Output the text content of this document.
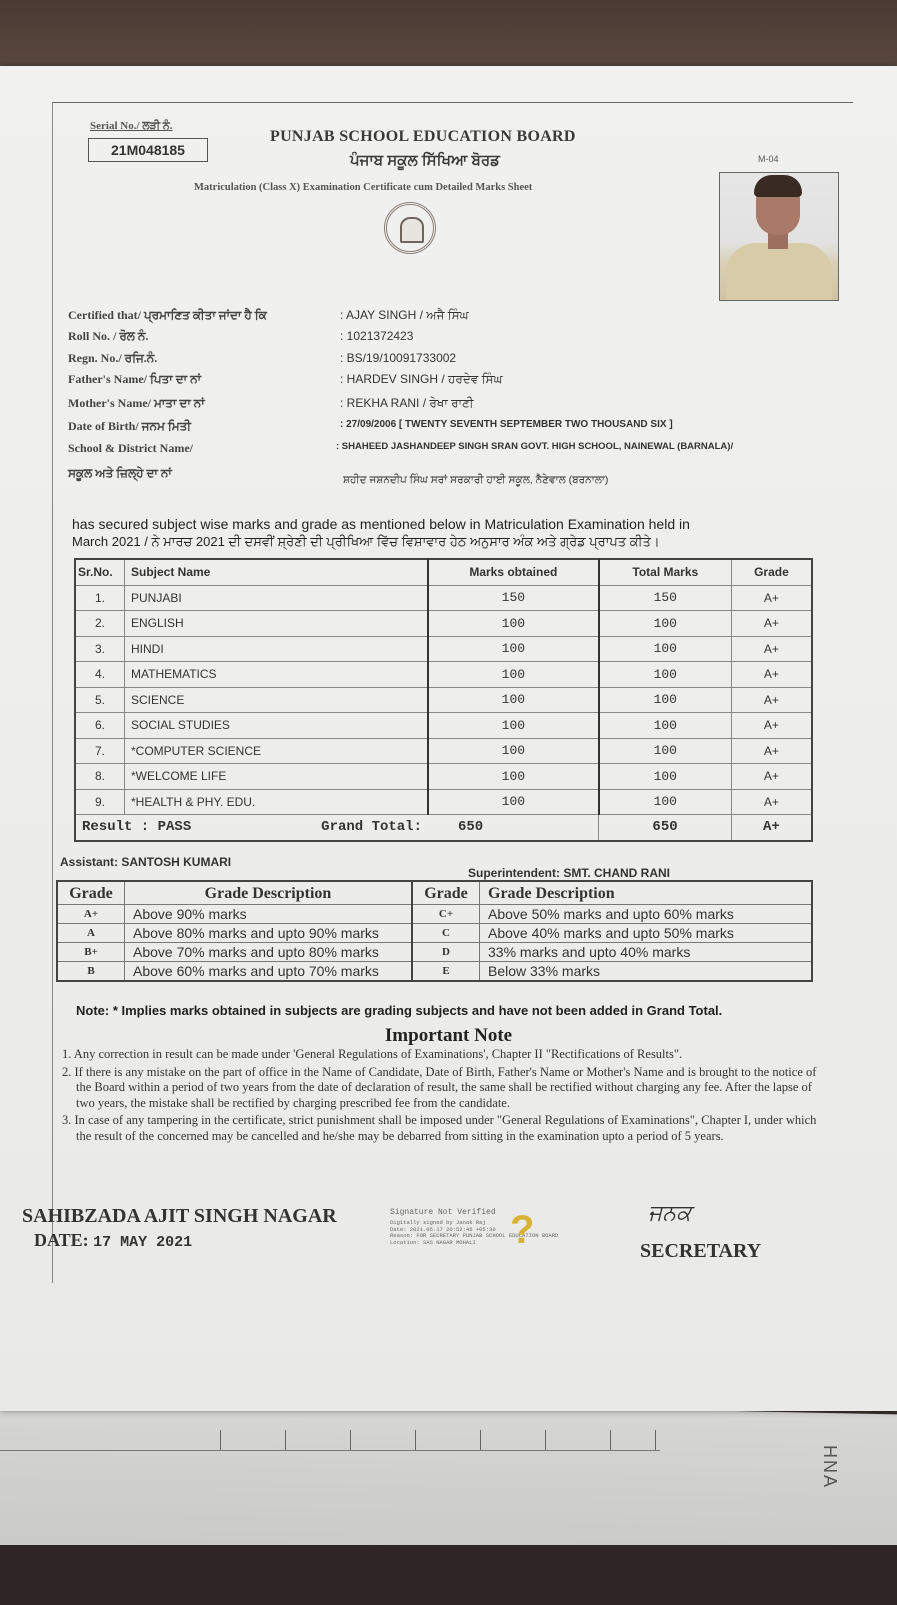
HNA
Serial No./ ਲੜੀ ਨੰ.
21M048185
PUNJAB SCHOOL EDUCATION BOARD
ਪੰਜਾਬ ਸਕੂਲ ਸਿੱਖਿਆ ਬੋਰਡ
Matriculation (Class X) Examination Certificate cum Detailed Marks Sheet
M-04
Certified that/ ਪ੍ਰਮਾਣਿਤ ਕੀਤਾ ਜਾਂਦਾ ਹੈ ਕਿ	: AJAY SINGH / ਅਜੈ ਸਿੰਘ
Roll No. / ਰੋਲ ਨੰ.	: 1021372423
Regn. No./ ਰਜਿ.ਨੰ.	: BS/19/10091733002
Father's Name/ ਪਿਤਾ ਦਾ ਨਾਂ	: HARDEV SINGH / ਹਰਦੇਵ ਸਿੰਘ
Mother's Name/ ਮਾਤਾ ਦਾ ਨਾਂ	: REKHA RANI / ਰੇਖਾ ਰਾਣੀ
Date of Birth/ ਜਨਮ ਮਿਤੀ	: 27/09/2006 [ TWENTY SEVENTH SEPTEMBER TWO THOUSAND SIX ]
School & District Name/	: SHAHEED JASHANDEEP SINGH SRAN GOVT. HIGH SCHOOL, NAINEWAL (BARNALA)/
ਸਕੂਲ ਅਤੇ ਜ਼ਿਲ੍ਹੇ ਦਾ ਨਾਂ	ਸ਼ਹੀਦ ਜਸ਼ਨਦੀਪ ਸਿੰਘ ਸਰਾਂ ਸਰਕਾਰੀ ਹਾਈ ਸਕੂਲ, ਨੈਣੇਵਾਲ (ਬਰਨਾਲਾ)
has secured subject wise marks and grade as mentioned below in Matriculation Examination held in
March 2021 / ਨੇ ਮਾਰਚ 2021 ਦੀ ਦਸਵੀਂ ਸ਼੍ਰੇਣੀ ਦੀ ਪ੍ਰੀਖਿਆ ਵਿੱਚ ਵਿਸ਼ਾਵਾਰ ਹੇਠ ਅਨੁਸਾਰ ਅੰਕ ਅਤੇ ਗ੍ਰੇਡ ਪ੍ਰਾਪਤ ਕੀਤੇ।
Sr.No.	Subject Name	Marks obtained	Total Marks	Grade
1.	PUNJABI	150	150	A+
2.	ENGLISH	100	100	A+
3.	HINDI	100	100	A+
4.	MATHEMATICS	100	100	A+
5.	SCIENCE	100	100	A+
6.	SOCIAL STUDIES	100	100	A+
7.	*COMPUTER SCIENCE	100	100	A+
8.	*WELCOME LIFE	100	100	A+
9.	*HEALTH & PHY. EDU.	100	100	A+
Result : PASS Grand Total:		650	650	A+
Assistant: SANTOSH KUMARI
Superintendent: SMT. CHAND RANI
Grade	Grade Description	Grade	Grade Description
A+	Above 90% marks	C+	Above 50% marks and upto 60% marks
A	Above 80% marks and upto 90% marks	C	Above 40% marks and upto 50% marks
B+	Above 70% marks and upto 80% marks	D	33% marks and upto 40% marks
B	Above 60% marks and upto 70% marks	E	Below 33% marks
Note: * Implies marks obtained in subjects are grading subjects and have not been added in Grand Total.
Important Note
1. Any correction in result can be made under 'General Regulations of Examinations', Chapter II "Rectifications of Results".
2. If there is any mistake on the part of office in the Name of Candidate, Date of Birth, Father's Name or Mother's Name and is brought to the notice of the Board within a period of two years from the date of declaration of result, the same shall be rectified without charging any fee. After the lapse of two years, the mistake shall be rectified by charging prescribed fee from the candidate.
3. In case of any tampering in the certificate, strict punishment shall be imposed under "General Regulations of Examinations", Chapter I, under which the result of the concerned may be cancelled and he/she may be debarred from sitting in the examination upto a period of 5 years.
SAHIBZADA AJIT SINGH NAGAR
DATE: 17 MAY 2021
Signature Not Verified
Digitally signed by Janak Raj
Date: 2021.05.17 20:52:46 +05:30
Reason: FOR SECRETARY PUNJAB SCHOOL EDUCATION BOARD
Location: SAS NAGAR MOHALI ?	ਜਨਕ
SECRETARY
